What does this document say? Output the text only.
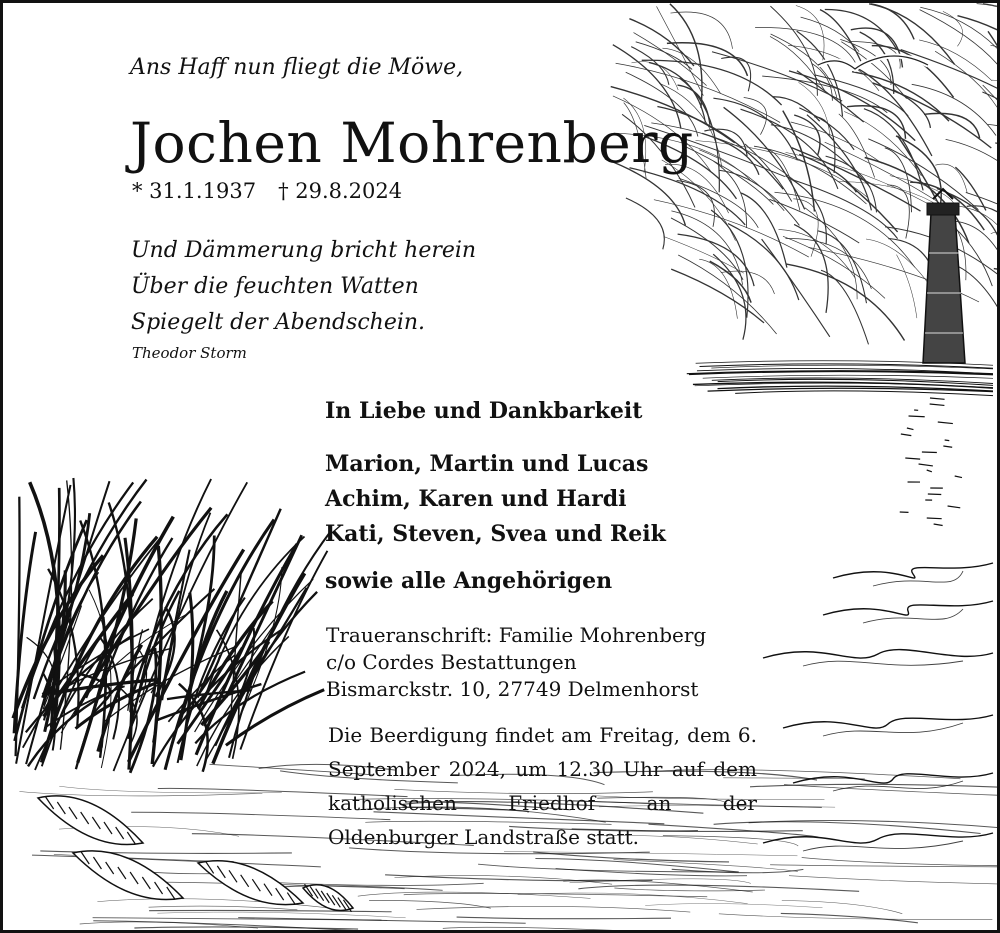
Ans Haff nun fliegt die Möwe,
Jochen Mohrenberg
* 31.1.1937 † 29.8.2024
Und Dämmerung bricht herein
Über die feuchten Watten
Spiegelt der Abendschein.
Theodor Storm
In Liebe und Dankbarkeit
Marion, Martin und Lucas
Achim, Karen und Hardi
Kati, Steven, Svea und Reik
sowie alle Angehörigen
Traueranschrift: Familie Mohrenberg
c/o Cordes Bestattungen
Bismarckstr. 10, 27749 Delmenhorst
Die Beerdigung findet am Freitag, dem 6. September 2024, um 12.30 Uhr auf dem katholischen Friedhof an der Oldenburger Landstraße statt.
